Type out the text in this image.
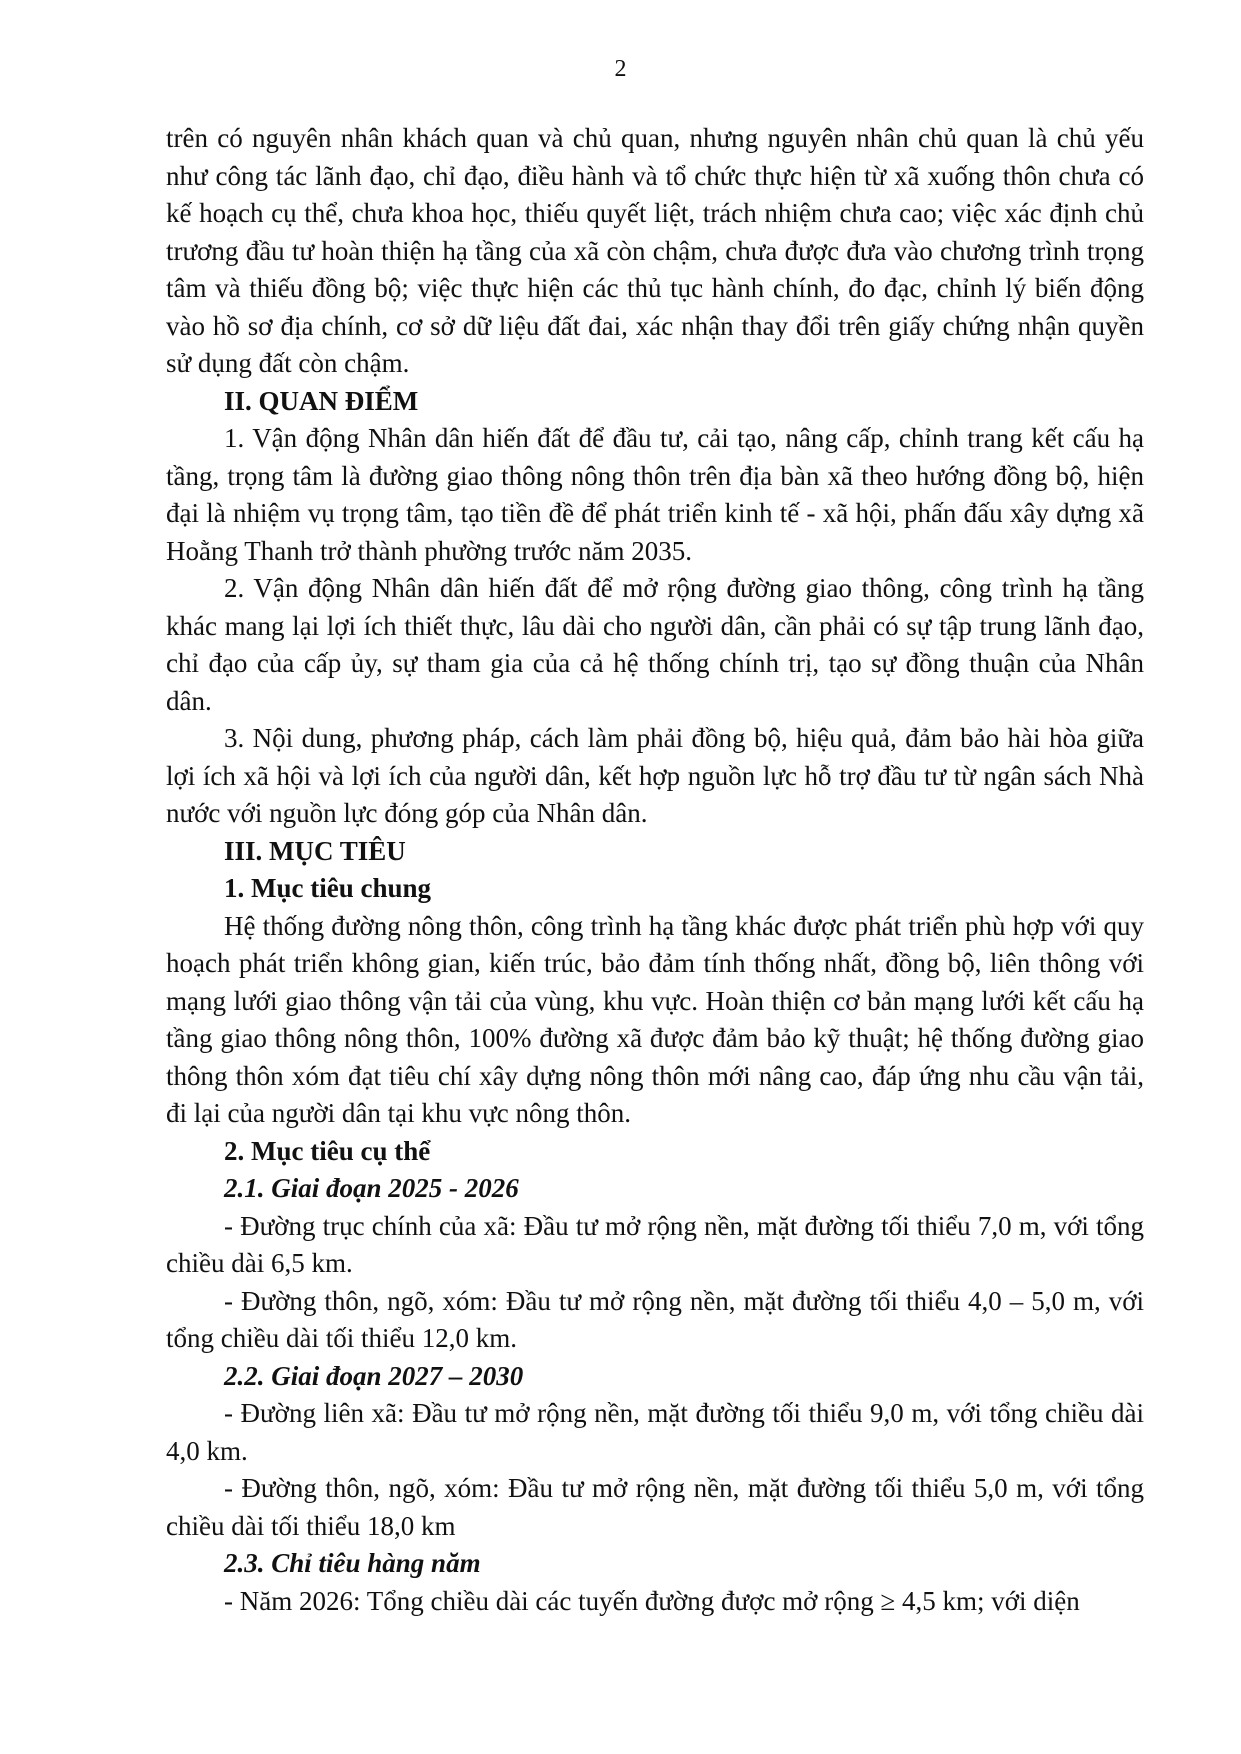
2

trên có nguyên nhân khách quan và chủ quan, nhưng nguyên nhân chủ quan là chủ yếu như công tác lãnh đạo, chỉ đạo, điều hành và tổ chức thực hiện từ xã xuống thôn chưa có kế hoạch cụ thể, chưa khoa học, thiếu quyết liệt, trách nhiệm chưa cao; việc xác định chủ trương đầu tư hoàn thiện hạ tầng của xã còn chậm, chưa được đưa vào chương trình trọng tâm và thiếu đồng bộ; việc thực hiện các thủ tục hành chính, đo đạc, chỉnh lý biến động vào hồ sơ địa chính, cơ sở dữ liệu đất đai, xác nhận thay đổi trên giấy chứng nhận quyền sử dụng đất còn chậm.

II. QUAN ĐIỂM

1. Vận động Nhân dân hiến đất để đầu tư, cải tạo, nâng cấp, chỉnh trang kết cấu hạ tầng, trọng tâm là đường giao thông nông thôn trên địa bàn xã theo hướng đồng bộ, hiện đại là nhiệm vụ trọng tâm, tạo tiền đề để phát triển kinh tế - xã hội, phấn đấu xây dựng xã Hoằng Thanh trở thành phường trước năm 2035.

2. Vận động Nhân dân hiến đất để mở rộng đường giao thông, công trình hạ tầng khác mang lại lợi ích thiết thực, lâu dài cho người dân, cần phải có sự tập trung lãnh đạo, chỉ đạo của cấp ủy, sự tham gia của cả hệ thống chính trị, tạo sự đồng thuận của Nhân dân.

3. Nội dung, phương pháp, cách làm phải đồng bộ, hiệu quả, đảm bảo hài hòa giữa lợi ích xã hội và lợi ích của người dân, kết hợp nguồn lực hỗ trợ đầu tư từ ngân sách Nhà nước với nguồn lực đóng góp của Nhân dân.

III. MỤC TIÊU

1. Mục tiêu chung

Hệ thống đường nông thôn, công trình hạ tầng khác được phát triển phù hợp với quy hoạch phát triển không gian, kiến trúc, bảo đảm tính thống nhất, đồng bộ, liên thông với mạng lưới giao thông vận tải của vùng, khu vực. Hoàn thiện cơ bản mạng lưới kết cấu hạ tầng giao thông nông thôn, 100% đường xã được đảm bảo kỹ thuật; hệ thống đường giao thông thôn xóm đạt tiêu chí xây dựng nông thôn mới nâng cao, đáp ứng nhu cầu vận tải, đi lại của người dân tại khu vực nông thôn.

2. Mục tiêu cụ thể

2.1. Giai đoạn 2025 - 2026

- Đường trục chính của xã: Đầu tư mở rộng nền, mặt đường tối thiểu 7,0 m, với tổng chiều dài 6,5 km.

- Đường thôn, ngõ, xóm: Đầu tư mở rộng nền, mặt đường tối thiểu 4,0 – 5,0 m, với tổng chiều dài tối thiểu 12,0 km.

2.2. Giai đoạn 2027 – 2030

- Đường liên xã: Đầu tư mở rộng nền, mặt đường tối thiểu 9,0 m, với tổng chiều dài 4,0 km.

- Đường thôn, ngõ, xóm: Đầu tư mở rộng nền, mặt đường tối thiểu 5,0 m, với tổng chiều dài tối thiểu 18,0 km

2.3. Chỉ tiêu hàng năm

- Năm 2026: Tổng chiều dài các tuyến đường được mở rộng ≥ 4,5 km; với diện
